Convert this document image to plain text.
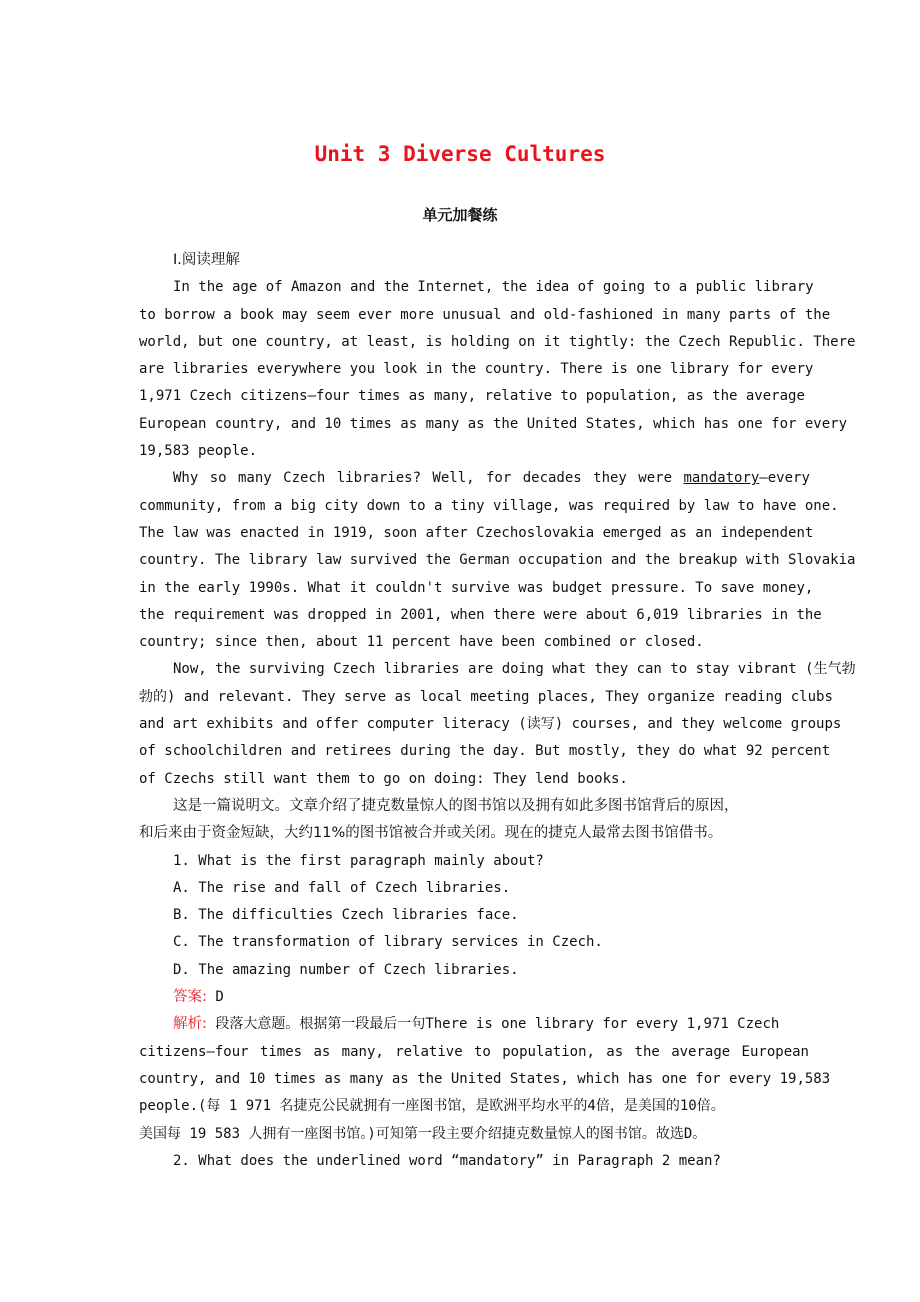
Unit 3 Diverse Cultures
单元加餐练
Ⅰ.阅读理解
In the age of Amazon and the Internet, the idea of going to a public library
to borrow a book may seem ever more unusual and old-fashioned in many parts of the
world, but one country, at least, is holding on it tightly: the Czech Republic. There
are libraries everywhere you look in the country. There is one library for every
1,971 Czech citizens—four times as many, relative to population, as the average
European country, and 10 times as many as the United States, which has one for every
19,583 people.
Why so many Czech libraries? Well, for decades they were mandatory—every
community, from a big city down to a tiny village, was required by law to have one.
The law was enacted in 1919, soon after Czechoslovakia emerged as an independent
country. The library law survived the German occupation and the breakup with Slovakia
in the early 1990s. What it couldn't survive was budget pressure. To save money,
the requirement was dropped in 2001, when there were about 6,019 libraries in the
country; since then, about 11 percent have been combined or closed.
Now, the surviving Czech libraries are doing what they can to stay vibrant (生气勃
勃的) and relevant. They serve as local meeting places, They organize reading clubs
and art exhibits and offer computer literacy (读写) courses, and they welcome groups
of schoolchildren and retirees during the day. But mostly, they do what 92 percent
of Czechs still want them to go on doing: They lend books.
这是一篇说明文。文章介绍了捷克数量惊人的图书馆以及拥有如此多图书馆背后的原因，
和后来由于资金短缺，大约11%的图书馆被合并或关闭。现在的捷克人最常去图书馆借书。
1. What is the first paragraph mainly about?
A. The rise and fall of Czech libraries.
B. The difficulties Czech libraries face.
C. The transformation of library services in Czech.
D. The amazing number of Czech libraries.
答案: D
解析: 段落大意题。根据第一段最后一句There is one library for every 1,971 Czech
citizens—four times as many, relative to population, as the average European
country, and 10 times as many as the United States, which has one for every 19,583
people.(每 1 971 名捷克公民就拥有一座图书馆，是欧洲平均水平的4倍，是美国的10倍。
美国每 19 583 人拥有一座图书馆。)可知第一段主要介绍捷克数量惊人的图书馆。故选D。
2. What does the underlined word “mandatory” in Paragraph 2 mean?
